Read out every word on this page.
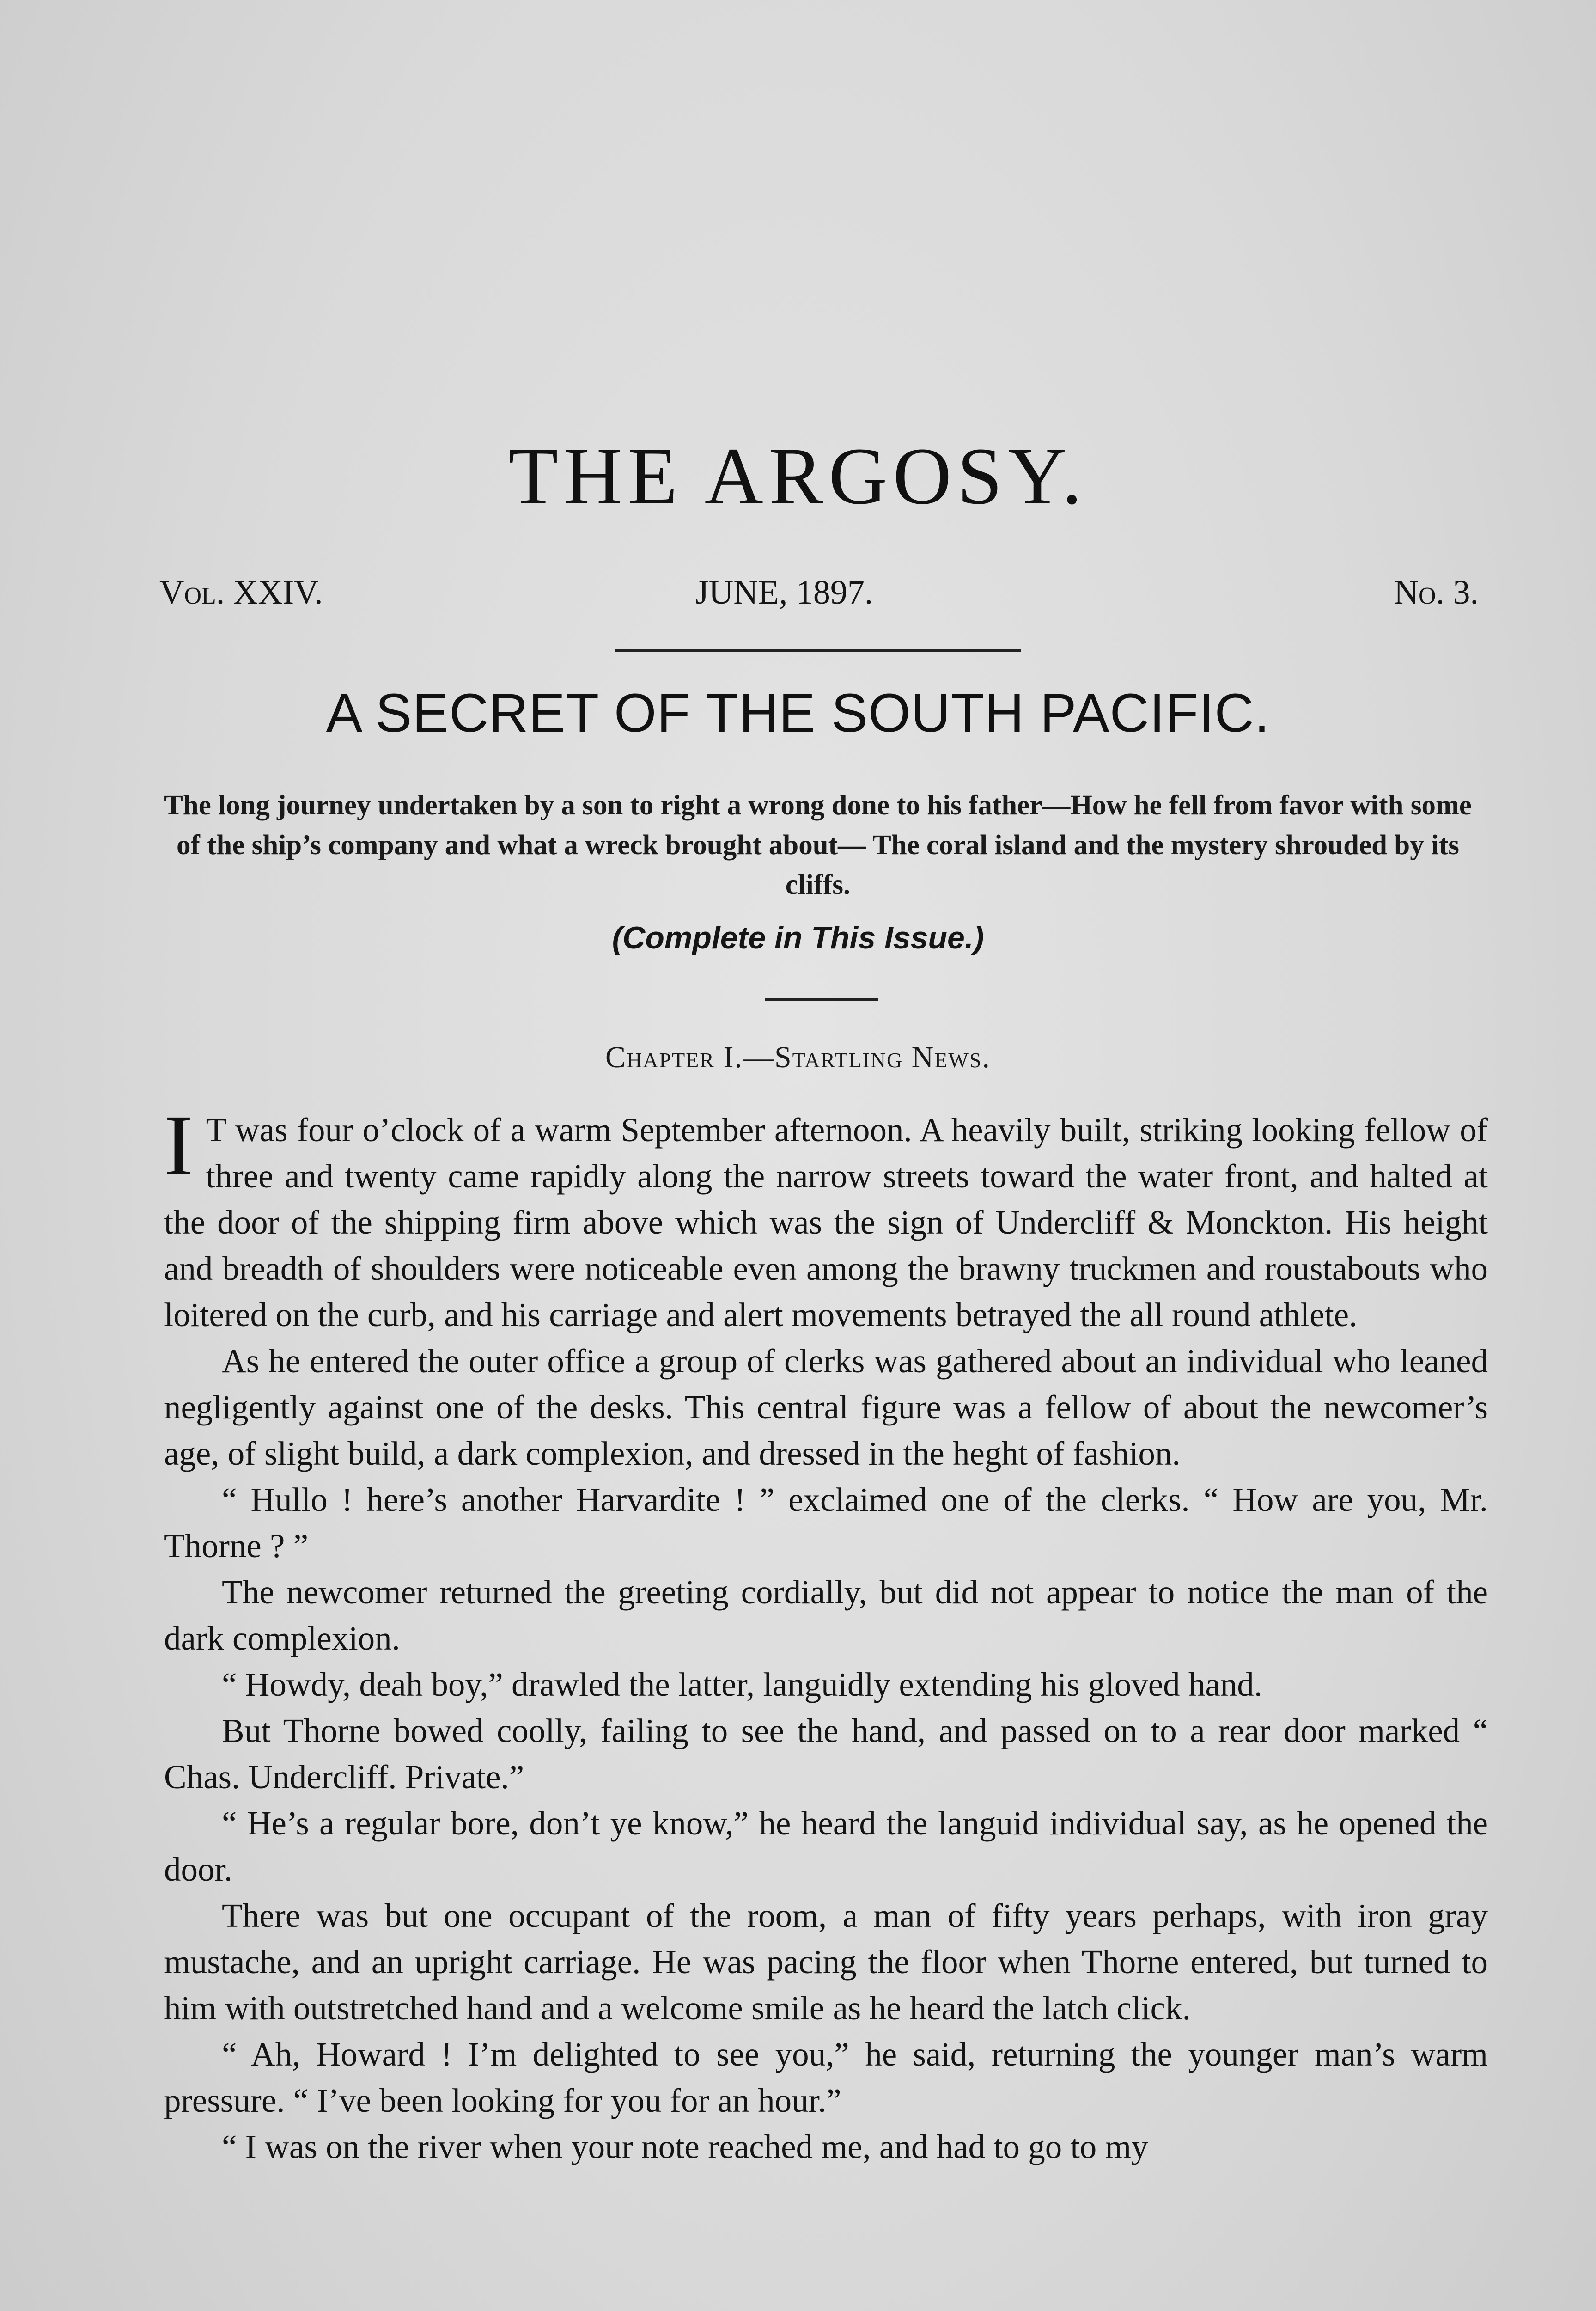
THE ARGOSY.
Vol. XXIV.	JUNE, 1897.	No. 3.
A SECRET OF THE SOUTH PACIFIC.
The long journey undertaken by a son to right a wrong done to his father—How he fell from favor with some of the ship’s company and what a wreck brought about— The coral island and the mystery shrouded by its cliffs.
(Complete in This Issue.)
Chapter I.—Startling News.

I T was four o’clock of a warm September afternoon. A heavily built, striking looking fellow of three and twenty came rapidly along the narrow streets toward the water front, and halted at the door of the shipping firm above which was the sign of Undercliff & Monckton. His height and breadth of shoulders were noticeable even among the brawny truckmen and roustabouts who loitered on the curb, and his carriage and alert movements betrayed the all round athlete.

As he entered the outer office a group of clerks was gathered about an individual who leaned negligently against one of the desks. This central figure was a fellow of about the newcomer’s age, of slight build, a dark complexion, and dressed in the heght of fashion.

“ Hullo ! here’s another Harvardite ! ” exclaimed one of the clerks. “ How are you, Mr. Thorne ? ”

The newcomer returned the greeting cordially, but did not appear to notice the man of the dark complexion.

“ Howdy, deah boy,” drawled the latter, languidly extending his gloved hand.

But Thorne bowed coolly, failing to see the hand, and passed on to a rear door marked “ Chas. Undercliff. Private.”

“ He’s a regular bore, don’t ye know,” he heard the languid individual say, as he opened the door.

There was but one occupant of the room, a man of fifty years perhaps, with iron gray mustache, and an upright carriage. He was pacing the floor when Thorne entered, but turned to him with outstretched hand and a welcome smile as he heard the latch click.

“ Ah, Howard ! I’m delighted to see you,” he said, returning the younger man’s warm pressure. “ I’ve been looking for you for an hour.”

“ I was on the river when your note reached me, and had to go to my
